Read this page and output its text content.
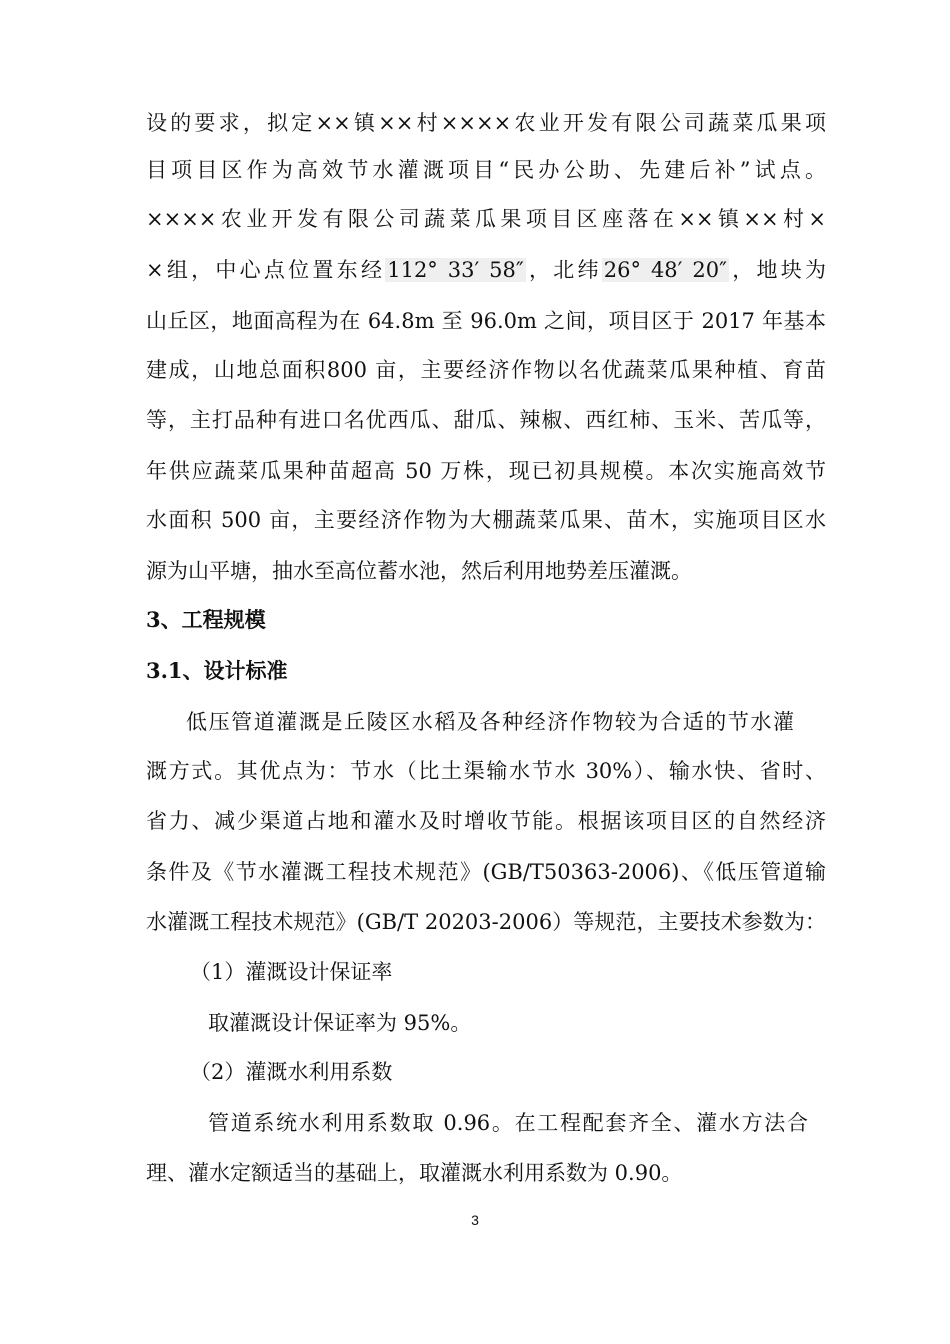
设的要求，拟定××镇××村××××农业开发有限公司蔬菜瓜果项
目项目区作为高效节水灌溉项目“民办公助、先建后补”试点。
××××农业开发有限公司蔬菜瓜果项目区座落在××镇××村×
×组，中心点位置东经112° 33′ 58″，北纬26° 48′ 20″，地块为
山丘区，地面高程为在 64.8m 至 96.0m 之间，项目区于 2017 年基本
建成，山地总面积800 亩，主要经济作物以名优蔬菜瓜果种植、育苗
等，主打品种有进口名优西瓜、甜瓜、辣椒、西红柿、玉米、苦瓜等，
年供应蔬菜瓜果种苗超高 50 万株，现已初具规模。本次实施高效节
水面积 500 亩，主要经济作物为大棚蔬菜瓜果、苗木，实施项目区水
源为山平塘，抽水至高位蓄水池，然后利用地势差压灌溉。
3、工程规模
3.1、设计标准
低压管道灌溉是丘陵区水稻及各种经济作物较为合适的节水灌
溉方式。其优点为：节水（比土渠输水节水 30%）、输水快、省时、
省力、减少渠道占地和灌水及时增收节能。根据该项目区的自然经济
条件及《节水灌溉工程技术规范》(GB/T50363-2006)、《低压管道输
水灌溉工程技术规范》(GB/T 20203-2006）等规范，主要技术参数为：
（1）灌溉设计保证率
取灌溉设计保证率为 95%。
（2）灌溉水利用系数
管道系统水利用系数取 0.96。在工程配套齐全、灌水方法合
理、灌水定额适当的基础上，取灌溉水利用系数为 0.90。
3
